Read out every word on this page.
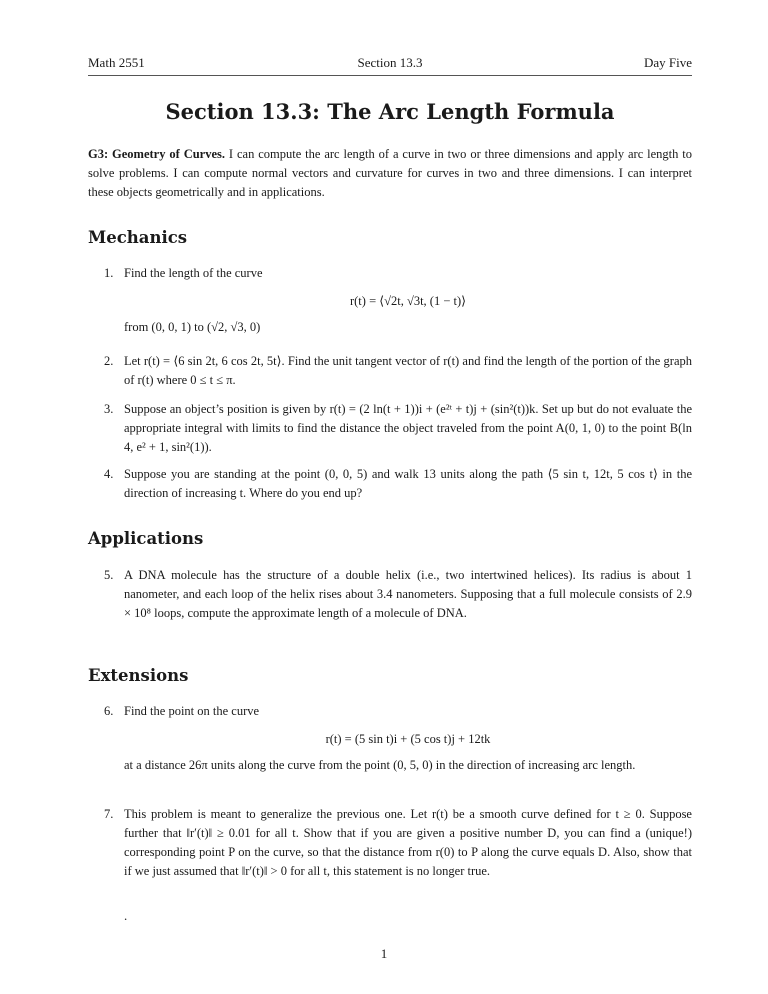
Math 2551	Section 13.3	Day Five
Section 13.3: The Arc Length Formula
G3: Geometry of Curves. I can compute the arc length of a curve in two or three dimensions and apply arc length to solve problems. I can compute normal vectors and curvature for curves in two and three dimensions. I can interpret these objects geometrically and in applications.
Mechanics
1. Find the length of the curve
r(t) = ⟨√2t, √3t, (1 − t)⟩
from (0, 0, 1) to (√2, √3, 0)
2. Let r(t) = ⟨6 sin 2t, 6 cos 2t, 5t⟩. Find the unit tangent vector of r(t) and find the length of the portion of the graph of r(t) where 0 ≤ t ≤ π.
3. Suppose an object’s position is given by r(t) = (2 ln(t + 1))i + (e²ᵗ + t)j + (sin²(t))k. Set up but do not evaluate the appropriate integral with limits to find the distance the object traveled from the point A(0, 1, 0) to the point B(ln 4, e² + 1, sin²(1)).
4. Suppose you are standing at the point (0, 0, 5) and walk 13 units along the path ⟨5 sin t, 12t, 5 cos t⟩ in the direction of increasing t. Where do you end up?
Applications
5. A DNA molecule has the structure of a double helix (i.e., two intertwined helices). Its radius is about 1 nanometer, and each loop of the helix rises about 3.4 nanometers. Supposing that a full molecule consists of 2.9 × 10⁸ loops, compute the approximate length of a molecule of DNA.
Extensions
6. Find the point on the curve
r(t) = (5 sin t)i + (5 cos t)j + 12tk
at a distance 26π units along the curve from the point (0, 5, 0) in the direction of increasing arc length.
7. This problem is meant to generalize the previous one. Let r(t) be a smooth curve defined for t ≥ 0. Suppose further that ‖r′(t)‖ ≥ 0.01 for all t. Show that if you are given a positive number D, you can find a (unique!) corresponding point P on the curve, so that the distance from r(0) to P along the curve equals D. Also, show that if we just assumed that ‖r′(t)‖ > 0 for all t, this statement is no longer true.
.
1
